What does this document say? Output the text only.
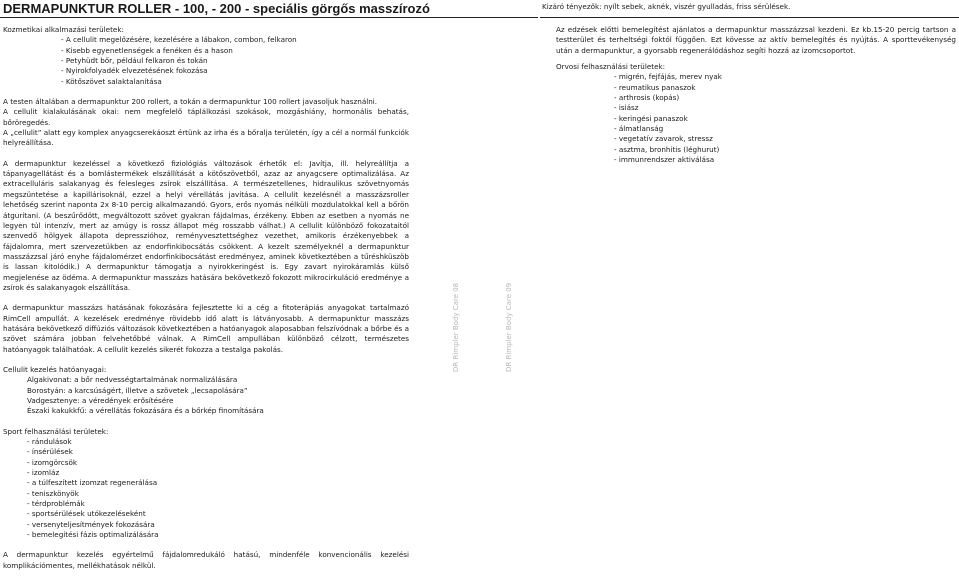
DERMAPUNKTUR ROLLER - 100, - 200 - speciális görgős masszírozó	Kizáró tényezők: nyílt sebek, aknék, viszér gyulladás, friss sérülések.

Kozmetikai alkalmazási területek:

- A cellulit megelőzésére, kezelésére a lábakon, combon, felkaron

- Kisebb egyenetlenségek a fenéken és a hason

- Petyhüdt bőr, például felkaron és tokán

- Nyirokfolyadék elvezetésének fokozása

- Kötőszövet salaktalanítása

A testen általában a dermapunktur 200 rollert, a tokán a dermapunktur 100 rollert javasoljuk használni.

A cellulit kialakulásának okai: nem megfelelő táplálkozási szokások, mozgáshiány, hormonális behatás, bőröregedés.

A „cellulit” alatt egy komplex anyagcserekáoszt értünk az irha és a bőralja területén, így a cél a normál funkciók helyreállítása.

A dermapunktur kezeléssel a következő fiziológiás változások érhetők el: Javítja, ill. helyreállítja a tápanyagellátást és a bomlástermékek elszállítását a kötőszövetből, azaz az anyagcsere optimalizálása. Az extracelluláris salakanyag és felesleges zsírok elszállítása. A természetellenes, hidraulikus szövetnyomás megszüntetése a kapillárisoknál, ezzel a helyi vérellátás javítása. A cellulit kezelésnél a masszázsroller lehetőség szerint naponta 2x 8-10 percig alkalmazandó. Gyors, erős nyomás nélküli mozdulatokkal kell a bőrön átgurítani. (A beszűrődött, megváltozott szövet gyakran fájdalmas, érzékeny. Ebben az esetben a nyomás ne legyen túl intenzív, mert az amúgy is rossz állapot még rosszabb válhat.) A cellulit különböző fokozataitól szenvedő hölgyek állapota depresszióhoz, reményvesztettséghez vezethet, amikoris érzékenyebbek a fájdalomra, mert szervezetükben az endorfinkibocsátás csökkent. A kezelt személyeknél a dermapunktur masszázzsal járó enyhe fájdalomérzet endorfinkibocsátást eredményez, aminek következtében a tűréshküszöb is lassan kitolódik.) A dermapunktur támogatja a nyirokkeringést is. Egy zavart nyirokáramlás külső megjelenése az ödéma. A dermapunktur masszázs hatására bekövetkező fokozott mikrocirkuláció eredménye a zsírok és salakanyagok elszállítása.

A dermapunktur masszázs hatásának fokozására fejlesztette ki a cég a fitoterápiás anyagokat tartalmazó RimCell ampullát. A kezelések eredménye rövidebb idő alatt is látványosabb. A dermapunktur masszázs hatására bekövetkező diffúziós változások következtében a hatóanyagok alaposabban felszívódnak a bőrbe és a szövet számára jobban felvehetőbbé válnak. A RimCell ampullában különböző célzott, természetes hatóanyagok találhatóak. A cellulit kezelés sikerét fokozza a testalga pakolás.

Cellulit kezelés hatóanyagai:

Algakivonat: a bőr nedvességtartalmának normalizálására

Borostyán: a karcsúságért, illetve a szövetek „lecsapolására”

Vadgesztenye: a véredények erősítésére

Északi kakukkfű: a vérellátás fokozására és a bőrkép finomítására

Sport felhasználási területek:

- rándulások

- ínsérülések

- izomgörcsök

- izomláz

- a túlfeszített izomzat regenerálása

- teniszkönyök

- térdproblémák

- sportsérülések utókezeléseként

- versenyteljesítmények fokozására

- bemelegítési fázis optimalizálására

A dermapunktur kezelés egyértelmű fájdalomredukáló hatású, mindenféle konvencionális kezelési komplikációmentes, mellékhatások nélkül.

DR Rimpler Body Care 08	DR Rimpler Body Care 09

Az edzések előtti bemelegítést ajánlatos a dermapunktur masszázzsal kezdeni. Ez kb.15-20 percig tartson a testterület és terheltségi foktól függően. Ezt kövesse az aktív bemelegítés és nyújtás. A sporttevékenység után a dermapunktur, a gyorsabb regenerálódáshoz segíti hozzá az izomcsoportot.

Orvosi felhasználási területek:

- migrén, fejfájás, merev nyak

- reumatikus panaszok

- arthrosis (kopás)

- isiász

- keringési panaszok

- álmatlanság

- vegetatív zavarok, stressz

- asztma, bronhitis (léghurut)

- immunrendszer aktiválása
